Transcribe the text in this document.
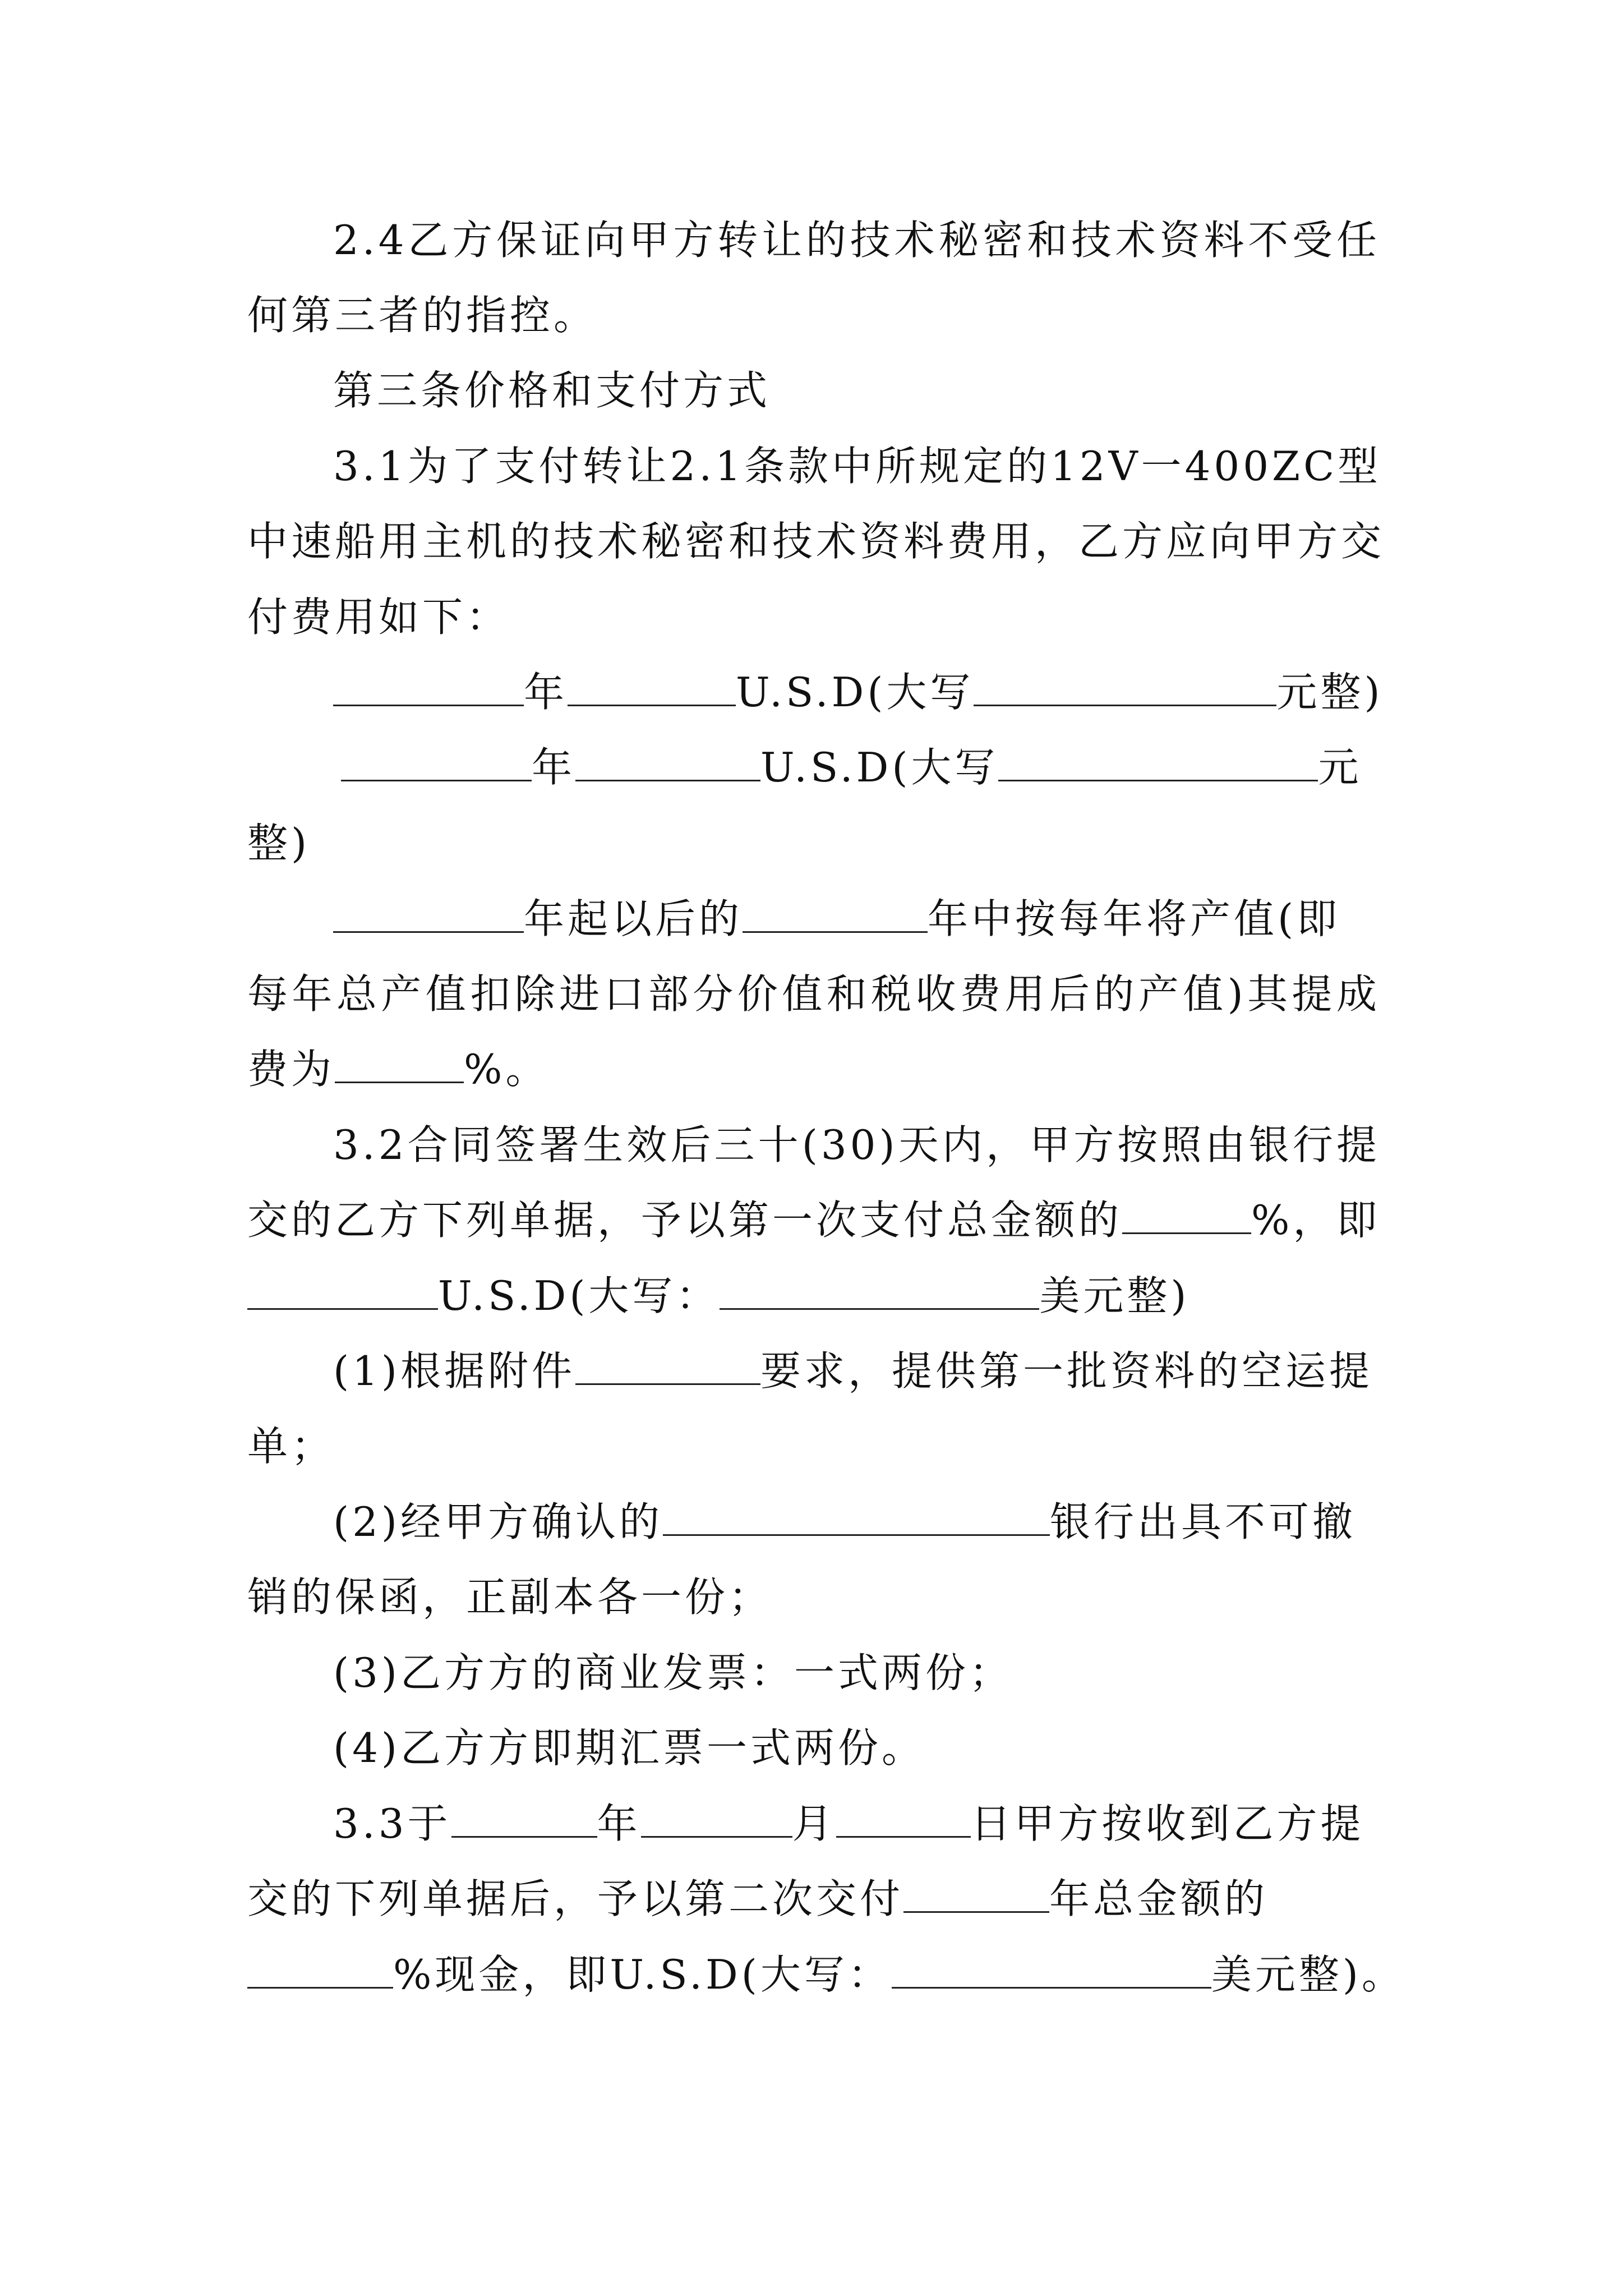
2.4乙方保证向甲方转让的技术秘密和技术资料不受任
何第三者的指控。
第三条价格和支付方式
3.1为了支付转让2.1条款中所规定的12V一400ZC型
中速船用主机的技术秘密和技术资料费用，乙方应向甲方交
付费用如下：
年	U.S.D(大写	元整)
年	U.S.D(大写	元
整)
年起以后的	年中按每年将产值(即
每年总产值扣除进口部分价值和税收费用后的产值)其提成
费为	%。
3.2合同签署生效后三十(30)天内，甲方按照由银行提
交的乙方下列单据，予以第一次支付总金额的	%，即
U.S.D(大写：	美元整)
(1)根据附件	要求，提供第一批资料的空运提
单；
(2)经甲方确认的	银行出具不可撤
销的保函，正副本各一份；
(3)乙方方的商业发票：一式两份；
(4)乙方方即期汇票一式两份。
3.3于	年	月	日甲方按收到乙方提
交的下列单据后，予以第二次交付	年总金额的
%现金，即U.S.D(大写：	美元整)。
